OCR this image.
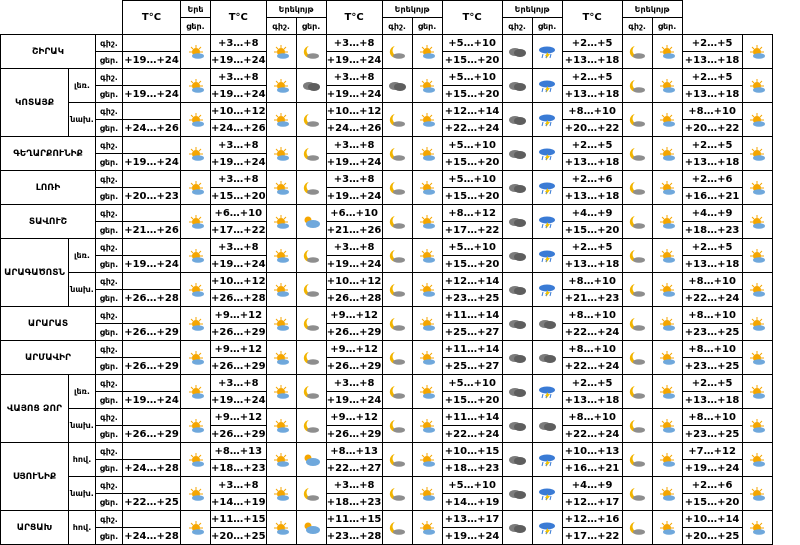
			T°C	Երե	T°C	Երեկոյթ		T°C	Երեկոյթ		T°C	Երեկոյթ		T°C	Երեկոյթ			
				ցեր.		գիշ.	ցեր.		գիշ.	ցեր.		գիշ.	ցեր.		գիշ.	ցեր.		
ՇԻՐԱԿ		գիշ.			+3…+8			+3…+8			+5…+10			+2…+5			+2…+5	

		ցեր.	+19…+24		+19…+24			+19…+24			+15…+20			+13…+18			+13…+18	
ԿՈՏԱՅՔ	լեռ.	գիշ.			+3…+8			+3…+8			+5…+10			+2…+5			+2…+5	

		ցեր.	+19…+24		+19…+24			+19…+24			+15…+20			+13…+18			+13…+18	
	նախ.	գիշ.			+10…+12			+10…+12			+12…+14			+8…+10			+8…+10	

		ցեր.	+24…+26		+24…+26			+24…+26			+22…+24			+20…+22			+20…+22	
ԳԵՂԱՐՔՈՒՆԻՔ		գիշ.			+3…+8			+3…+8			+5…+10			+2…+5			+2…+5	

		ցեր.	+19…+24		+19…+24			+19…+24			+15…+20			+13…+18			+13…+18	
ԼՈՌԻ		գիշ.			+3…+8			+3…+8			+5…+10			+2…+6			+2…+6	

		ցեր.	+20…+23		+15…+20			+19…+24			+15…+20			+13…+18			+16…+21	
ՏԱՎՈՒՇ		գիշ.			+6…+10			+6…+10			+8…+12			+4…+9			+4…+9	

		ցեր.	+21…+26		+17…+22			+21…+26			+17…+22			+15…+20			+18…+23	
ԱՐԱԳԱԾՈՏՆ	լեռ.	գիշ.			+3…+8			+3…+8			+5…+10			+2…+5			+2…+5	

		ցեր.	+19…+24		+19…+24			+19…+24			+15…+20			+13…+18			+13…+18	
	նախ.	գիշ.			+10…+12			+10…+12			+12…+14			+8…+10			+8…+10	

		ցեր.	+26…+28		+26…+28			+26…+28			+23…+25			+21…+23			+22…+24	
ԱՐԱՐԱՏ		գիշ.			+9…+12			+9…+12			+11…+14			+8…+10			+8…+10	

		ցեր.	+26…+29		+26…+29			+26…+29			+25…+27			+22…+24			+23…+25	
ԱՐՄԱՎԻՐ		գիշ.			+9…+12			+9…+12			+11…+14			+8…+10			+8…+10	

		ցեր.	+26…+29		+26…+29			+26…+29			+25…+27			+22…+24			+23…+25	
ՎԱՅՈՑ ՁՈՐ	լեռ.	գիշ.			+3…+8			+3…+8			+5…+10			+2…+5			+2…+5	

		ցեր.	+19…+24		+19…+24			+19…+24			+15…+20			+13…+18			+13…+18	
	նախ.	գիշ.			+9…+12			+9…+12			+11…+14			+8…+10			+8…+10	

		ցեր.	+26…+29		+26…+29			+26…+29			+22…+24			+22…+24			+23…+25	
ՍՅՈՒՆԻՔ	հով.	գիշ.			+8…+13			+8…+13			+10…+15			+10…+13			+7…+12	

		ցեր.	+24…+28		+18…+23			+22…+27			+18…+23			+16…+21			+19…+24	
	նախ.	գիշ.			+3…+8			+3…+8			+5…+10			+4…+9			+2…+6	

		ցեր.	+22…+25		+14…+19			+18…+23			+14…+19			+12…+17			+15…+20	
ԱՐՑԱԽ	հով.	գիշ.			+11…+15			+11…+15			+13…+17			+12…+16			+10…+14	

		ցեր.	+24…+28		+20…+25			+23…+28			+19…+24			+17…+22			+20…+25	
